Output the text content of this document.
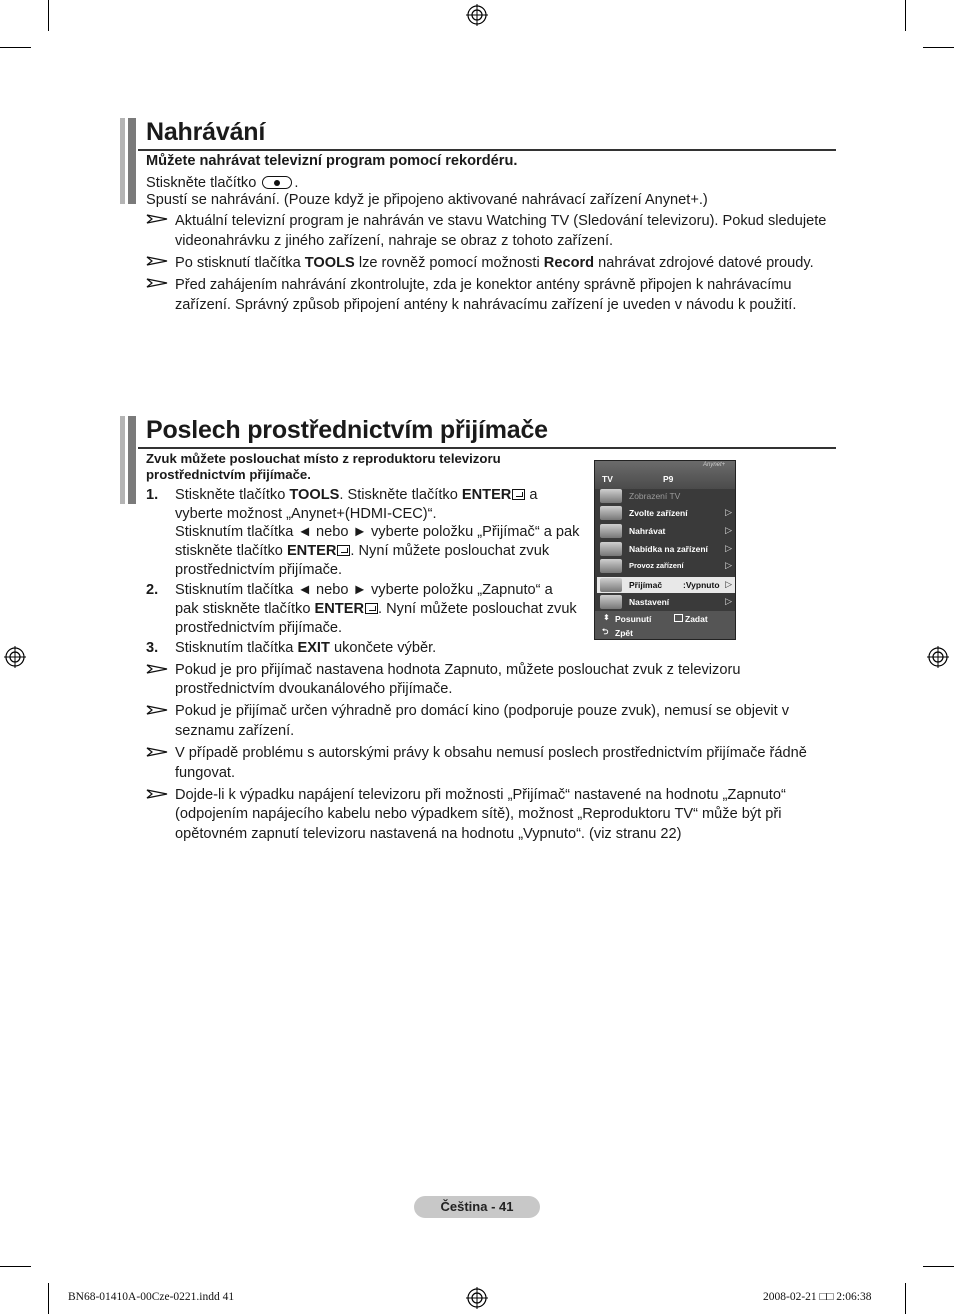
Nahrávání
Můžete nahrávat televizní program pomocí rekordéru.
Stiskněte tlačítko	.
Spustí se nahrávání. (Pouze když je připojeno aktivované nahrávací zařízení Anynet+.)
Aktuální televizní program je nahráván ve stavu Watching TV (Sledování televizoru). Pokud sledujete
videonahrávku z jiného zařízení, nahraje se obraz z tohoto zařízení.
Po stisknutí tlačítka TOOLS lze rovněž pomocí možnosti Record nahrávat zdrojové datové proudy.
Před zahájením nahrávání zkontrolujte, zda je konektor antény správně připojen k nahrávacímu
zařízení. Správný způsob připojení antény k nahrávacímu zařízení je uveden v návodu k použití.
Poslech prostřednictvím přijímače
Zvuk můžete poslouchat místo z reproduktoru televizoru
prostřednictvím přijímače.
1. Stiskněte tlačítko TOOLS. Stiskněte tlačítko ENTER a
vyberte možnost „Anynet+(HDMI-CEC)“.
Stisknutím tlačítka ◄ nebo ► vyberte položku „Přijímač“ a pak
stiskněte tlačítko ENTER . Nyní můžete poslouchat zvuk
prostřednictvím přijímače.
2. Stisknutím tlačítka ◄ nebo ► vyberte položku „Zapnuto“ a
pak stiskněte tlačítko ENTER . Nyní můžete poslouchat zvuk
prostřednictvím přijímače.
3. Stisknutím tlačítka EXIT ukončete výběr.
Pokud je pro přijímač nastavena hodnota Zapnuto, můžete poslouchat zvuk z televizoru
prostřednictvím dvoukanálového přijímače.
Pokud je přijímač určen výhradně pro domácí kino (podporuje pouze zvuk), nemusí se objevit v
seznamu zařízení.
V případě problému s autorskými právy k obsahu nemusí poslech prostřednictvím přijímače řádně
fungovat.
Dojde-li k výpadku napájení televizoru při možnosti „Přijímač“ nastavené na hodnotu „Zapnuto“
(odpojením napájecího kabelu nebo výpadkem sítě), možnost „Reproduktoru TV“ může být při
opětovném zapnutí televizoru nastavená na hodnotu „Vypnuto“. (viz stranu 22)
TV	P9
Anynet+
Zobrazení TV
Zvolte zařízení	▷
Nahrávat	▷
Nabídka na zařízení ▷
Provoz zařízení	▷
Přijímač :Vypnuto ▷
Nastavení	▷
⬍ Posunutí	Zadat
⮌ Zpět
Čeština - 41
BN68-01410A-00Cze-0221.indd 41	2008-02-21 □□ 2:06:38
